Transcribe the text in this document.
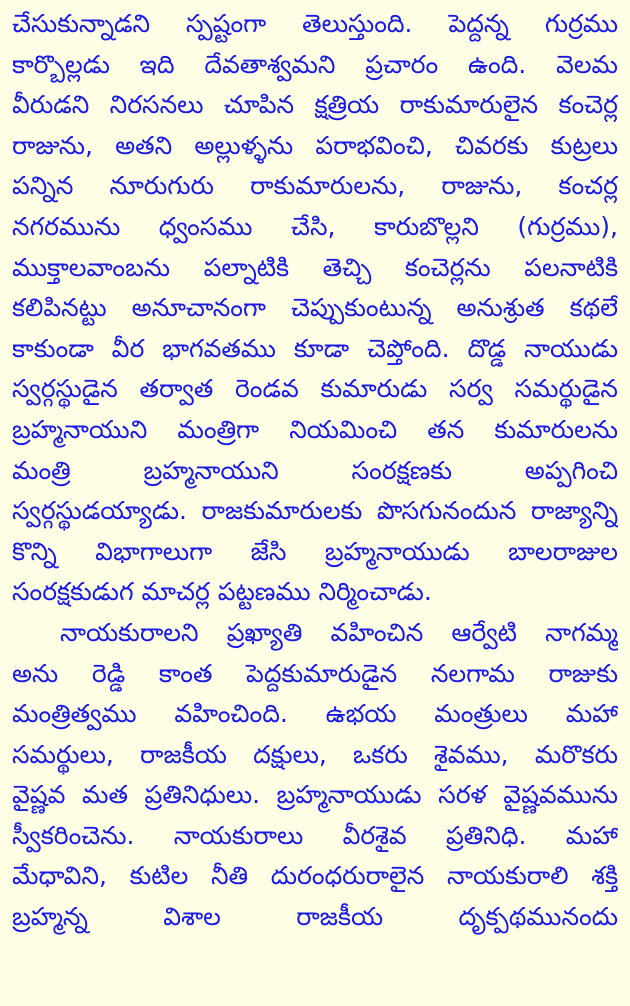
చేసుకున్నాడని స్పష్టంగా తెలుస్తుంది. పెద్దన్న గుర్రము
కార్బొల్లడు ఇది దేవతాశ్వమని ప్రచారం ఉంది. వెలమ
వీరుడని నిరసనలు చూపిన క్షత్రియ రాకుమారులైన కంచెర్ల
రాజును, అతని అల్లుళ్ళను పరాభవించి, చివరకు కుట్రలు
పన్నిన నూరుగురు రాకుమారులను, రాజును, కంచర్ల
నగరమును ధ్వంసము చేసి, కారుబొల్లని (గుర్రము),
ముక్తాలవాంబను పల్నాటికి తెచ్చి కంచెర్లను పలనాటికి
కలిపినట్టు అనూచానంగా చెప్పుకుంటున్న అనుశ్రుత కథలే
కాకుండా వీర భాగవతము కూడా చెప్తోంది. దొడ్డ నాయుడు
స్వర్గస్థుడైన తర్వాత రెండవ కుమారుడు సర్వ సమర్థుడైన
బ్రహ్మనాయుని మంత్రిగా నియమించి తన కుమారులను
మంత్రి బ్రహ్మనాయుని సంరక్షణకు అప్పగించి
స్వర్గస్థుడయ్యాడు. రాజకుమారులకు పొసగునందున రాజ్యాన్ని
కొన్ని విభాగాలుగా జేసి బ్రహ్మనాయుడు బాలరాజుల
సంరక్షకుడుగ మాచర్ల పట్టణము నిర్మించాడు.
నాయకురాలని ప్రఖ్యాతి వహించిన ఆర్వేటి నాగమ్మ
అను రెడ్డి కాంత పెద్దకుమారుడైన నలగామ రాజుకు
మంత్రిత్వము వహించింది. ఉభయ మంత్రులు మహా
సమర్థులు, రాజకీయ దక్షులు, ఒకరు శైవము, మరొకరు
వైష్ణవ మత ప్రతినిధులు. బ్రహ్మనాయుడు సరళ వైష్ణవమును
స్వీకరించెను. నాయకురాలు వీరశైవ ప్రతినిధి. మహా
మేధావిని, కుటిల నీతి దురంధరురాలైన నాయకురాలి శక్తి
బ్రహ్మన్న విశాల రాజకీయ దృక్పథమునందు
